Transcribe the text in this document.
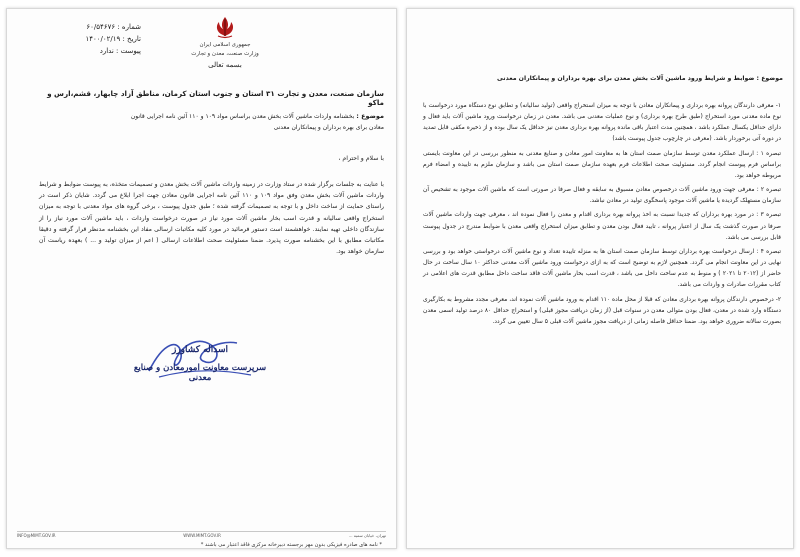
جمهوری اسلامی ایران
وزارت صنعت، معدن و تجارت
بسمه تعالی
شماره : ۶۰/۵۴۶۷۶
تاریخ : ۱۴۰۰/۰۲/۱۹
پیوست : ندارد
سازمان صنعت، معدن و تجارت ۳۱ استان و جنوب استان کرمان، مناطق آزاد چابهار، قشم،ارس و ماکو
موضوع : بخشنامه واردات ماشین آلات بخش معدن براساس مواد ۱۰۹ و ۱۱۰ آئین نامه اجرایی قانون معادن برای بهره برداران و پیمانکاران معدنی
با سلام و احترام ،

با عنایت به جلسات برگزار شده در ستاد وزارت در زمینه واردات ماشین آلات بخش معدن و تصمیمات متخذه، به پیوست ضوابط و شرایط واردات ماشین آلات بخش معدن وفق مواد ۱۰۹ و ۱۱۰ آئین نامه اجرایی قانون معادن جهت اجرا ابلاغ می گردد. شایان ذکر است در راستای حمایت از ساخت داخل و با توجه به تصمیمات گرفته شده ؛ طبق جدول پیوست ، برخی گروه های مواد معدنی با توجه به میزان استخراج واقعی سالیانه و قدرت اسب بخار ماشین آلات مورد نیاز در صورت درخواست واردات ، باید ماشین آلات مورد نیاز را از سازندگان داخلی تهیه نمایند. خواهشمند است دستور فرمائید در مورد کلیه مکاتبات ارسالی مفاد این بخشنامه مدنظر قرار گرفته و دقیقا مکاتبات مطابق با این بخشنامه صورت پذیرد. ضمنا مسئولیت صحت اطلاعات ارسالی ( اعم از میزان تولید و ... ) بعهده ریاست آن سازمان خواهد بود.

اسداله کشاورز
سرپرست معاونت امورمعادن و صنایع معدنی
INFO@MIMT.GOV.IR	WWW.MIMT.GOV.IR	تهران، خیابان سمیه ...
* نامه های صادره فیزیکی بدون مهر برجسته دبیرخانه مرکزی فاقد اعتبار می باشند *
موضوع : ضوابط و شرایط ورود ماشین آلات بخش معدن برای بهره برداران و پیمانکاران معدنی

۱- معرفی دارندگان پروانه بهره برداری و پیمانکاران معادن با توجه به میزان استخراج واقعی (تولید سالیانه) و تطابق نوع دستگاه مورد درخواست با نوع ماده معدنی مورد استخراج (طبق طرح بهره برداری) و نوع عملیات معدنی می باشد. معدن در زمان درخواست ورود ماشین آلات باید فعال و دارای حداقل یکسال عملکرد باشد ، همچنین مدت اعتبار باقی مانده پروانه بهره برداری معدن نیز حداقل یک سال بوده و از ذخیره مکفی قابل تمدید در دوره آتی برخوردار باشد. (معرفی در چارچوب جدول پیوست باشد)

تبصره ۱ : ارسال عملکرد معدن توسط سازمان صمت استان ها به معاونت امور معادن و صنایع معدنی به منظور بررسی در این معاونت بایستی براساس فرم پیوست انجام گردد. مسئولیت صحت اطلاعات فرم بعهده سازمان صمت استان می باشد و سازمان ملزم به تاییده و امضاء فرم مربوطه خواهد بود.

تبصره ۲ : معرفی جهت ورود ماشین آلات درخصوص معادن مسبوق به سابقه و فعال صرفا در صورتی است که ماشین آلات موجود به تشخیص آن سازمان مستهلک گردیده یا ماشین آلات موجود پاسخگوی تولید در معادن نباشد.

تبصره ۳ : در مورد بهره برداران که جدیدا نسبت به اخذ پروانه بهره برداری اقدام و معدن را فعال نموده اند ، معرفی جهت واردات ماشین آلات صرفا در صورت گذشت یک سال از اعتبار پروانه ، تایید فعال بودن معدن و تطابق میزان استخراج واقعی معدن با ضوابط مندرج در جدول پیوست قابل بررسی می باشد.

تبصره ۴ : ارسال درخواست بهره برداران توسط سازمان صمت استان ها به منزله تاییده تعداد و نوع ماشین آلات درخواستی خواهد بود و بررسی نهایی در این معاونت انجام می گردد. همچنین لازم به توضیح است که به ازای درخواست ورود ماشین آلات معدنی حداکثر ۱۰ سال ساخت در حال حاضر از (۲۰۱۲ تا ۲۰۲۱ ) و منوط به عدم ساخت داخل می باشد ، قدرت اسب بخار ماشین آلات فاقد ساخت داخل مطابق قدرت های اعلامی در کتاب مقررات صادرات و واردات می باشد.

۲- درخصوص دارندگان پروانه بهره برداری معادن که قبلا از محل ماده ۱۱۰ اقدام به ورود ماشین آلات نموده اند، معرفی مجدد مشروط به بکارگیری دستگاه وارد شده در معدن، فعال بودن متوالی معدن در سنوات قبل (از زمان دریافت مجوز قبلی) و استخراج حداقل ۸۰ درصد تولید اسمی معدن بصورت سالانه ضروری خواهد بود. ضمنا حداقل فاصله زمانی از دریافت مجوز ماشین آلات قبلی ۵ سال تعیین می گردد.
